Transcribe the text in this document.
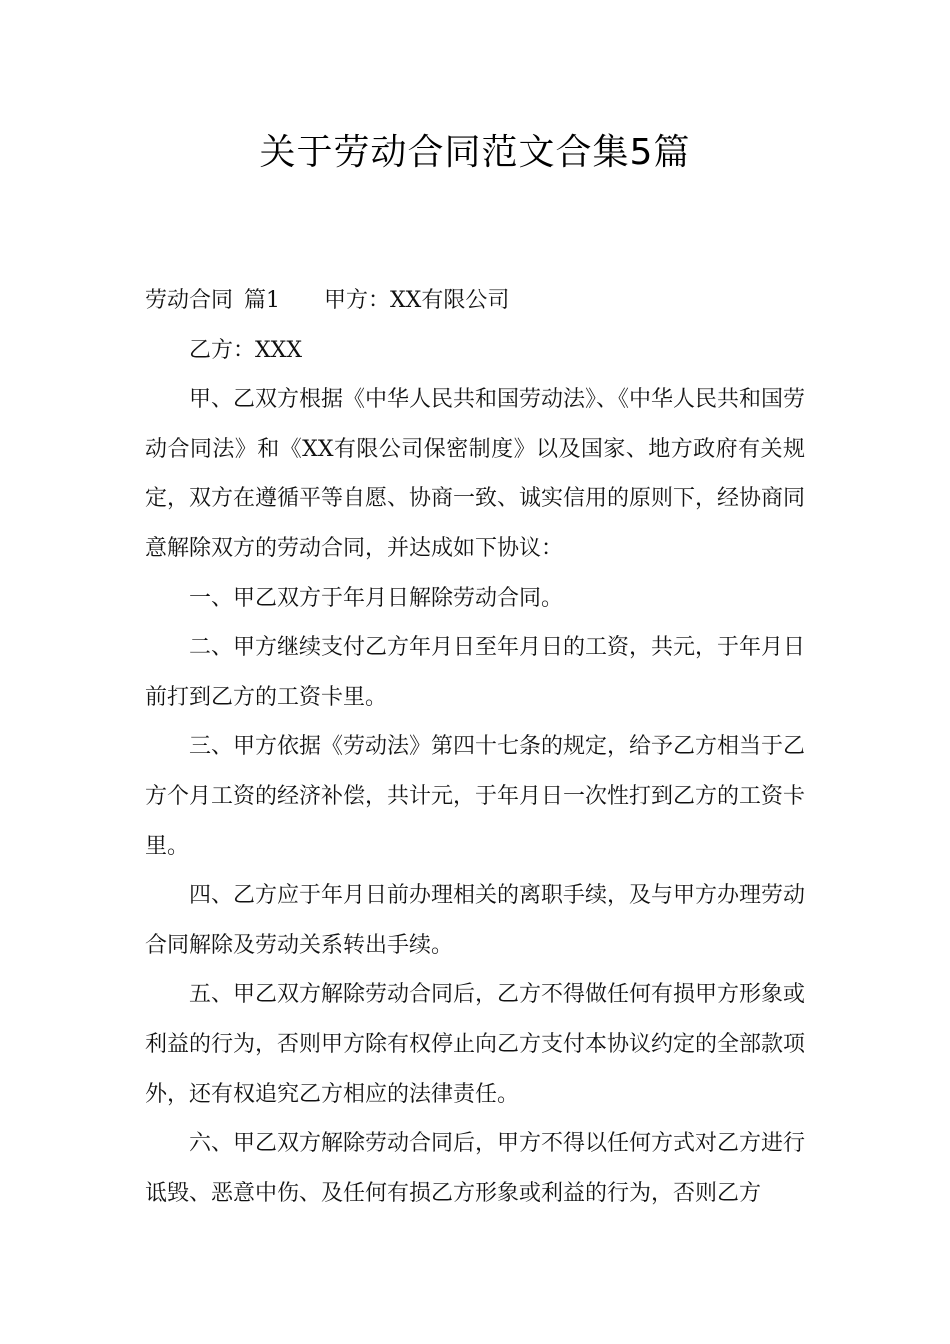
关于劳动合同范文合集5篇

劳动合同 篇1 甲方：XX有限公司

乙方：XXX

甲、乙双方根据《中华人民共和国劳动法》、《中华人民共和国劳动合同法》和《XX有限公司保密制度》以及国家、地方政府有关规定，双方在遵循平等自愿、协商一致、诚实信用的原则下，经协商同意解除双方的劳动合同，并达成如下协议：

一、甲乙双方于年月日解除劳动合同。

二、甲方继续支付乙方年月日至年月日的工资，共元，于年月日前打到乙方的工资卡里。

三、甲方依据《劳动法》第四十七条的规定，给予乙方相当于乙方个月工资的经济补偿，共计元，于年月日一次性打到乙方的工资卡里。

四、乙方应于年月日前办理相关的离职手续，及与甲方办理劳动合同解除及劳动关系转出手续。

五、甲乙双方解除劳动合同后，乙方不得做任何有损甲方形象或利益的行为，否则甲方除有权停止向乙方支付本协议约定的全部款项外，还有权追究乙方相应的法律责任。

六、甲乙双方解除劳动合同后，甲方不得以任何方式对乙方进行诋毁、恶意中伤、及任何有损乙方形象或利益的行为，否则乙方
